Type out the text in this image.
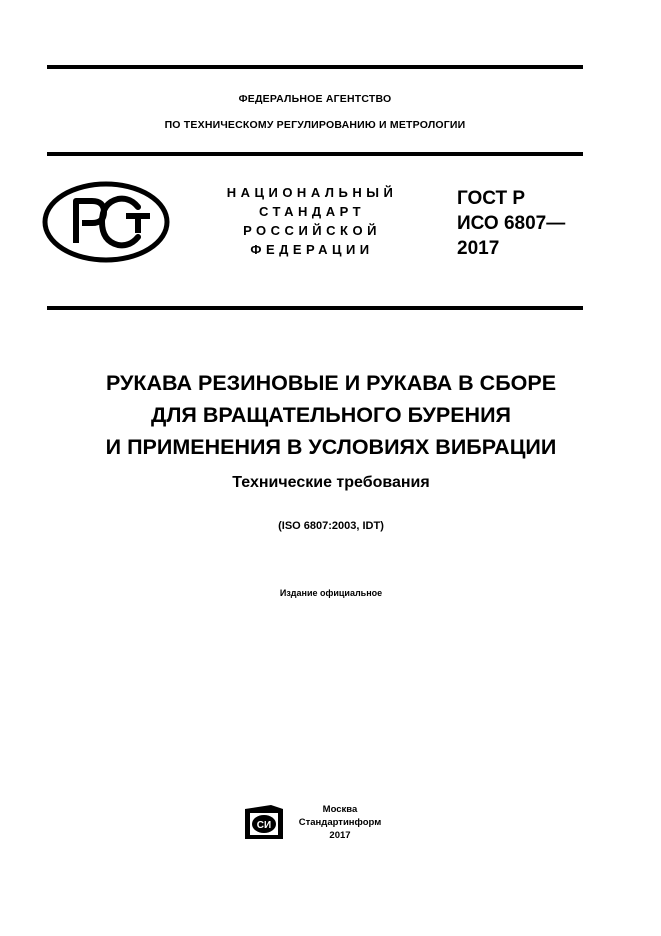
ФЕДЕРАЛЬНОЕ АГЕНТСТВО
ПО ТЕХНИЧЕСКОМУ РЕГУЛИРОВАНИЮ И МЕТРОЛОГИИ
НАЦИОНАЛЬНЫЙ
СТАНДАРТ
РОССИЙСКОЙ
ФЕДЕРАЦИИ
ГОСТ Р
ИСО 6807—
2017
РУКАВА РЕЗИНОВЫЕ И РУКАВА В СБОРЕ
ДЛЯ ВРАЩАТЕЛЬНОГО БУРЕНИЯ
И ПРИМЕНЕНИЯ В УСЛОВИЯХ ВИБРАЦИИ
Технические требования
(ISO 6807:2003, IDT)
Издание официальное
СИ
Москва
Стандартинформ
2017
